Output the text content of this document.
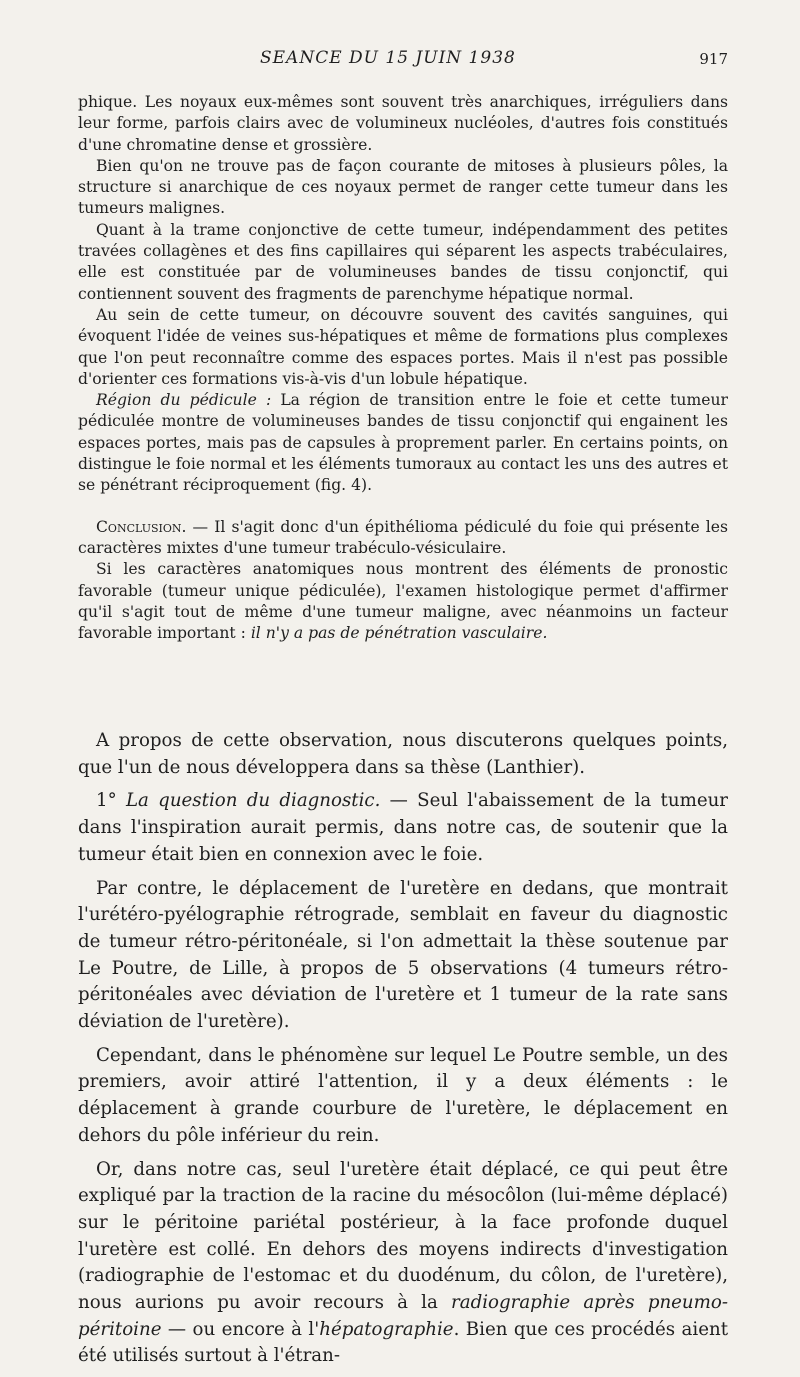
SEANCE DU 15 JUIN 1938	917

phique. Les noyaux eux-mêmes sont souvent très anarchiques, irréguliers dans leur forme, parfois clairs avec de volumineux nucléoles, d'autres fois constitués d'une chromatine dense et grossière.

Bien qu'on ne trouve pas de façon courante de mitoses à plusieurs pôles, la structure si anarchique de ces noyaux permet de ranger cette tumeur dans les tumeurs malignes.

Quant à la trame conjonctive de cette tumeur, indépendamment des petites travées collagènes et des fins capillaires qui séparent les aspects trabéculaires, elle est constituée par de volumineuses bandes de tissu conjonctif, qui contiennent souvent des fragments de parenchyme hépatique normal.

Au sein de cette tumeur, on découvre souvent des cavités sanguines, qui évoquent l'idée de veines sus-hépatiques et même de formations plus complexes que l'on peut reconnaître comme des espaces portes. Mais il n'est pas possible d'orienter ces formations vis-à-vis d'un lobule hépatique.

Région du pédicule : La région de transition entre le foie et cette tumeur pédiculée montre de volumineuses bandes de tissu conjonctif qui engainent les espaces portes, mais pas de capsules à proprement parler. En certains points, on distingue le foie normal et les éléments tumoraux au contact les uns des autres et se pénétrant réciproquement (fig. 4).

Conclusion. — Il s'agit donc d'un épithélioma pédiculé du foie qui présente les caractères mixtes d'une tumeur trabéculo-vésiculaire.

Si les caractères anatomiques nous montrent des éléments de pronostic favorable (tumeur unique pédiculée), l'examen histologique permet d'affirmer qu'il s'agit tout de même d'une tumeur maligne, avec néanmoins un facteur favorable important : il n'y a pas de pénétration vasculaire.

A propos de cette observation, nous discuterons quelques points, que l'un de nous développera dans sa thèse (Lanthier).

1° La question du diagnostic. — Seul l'abaissement de la tumeur dans l'inspiration aurait permis, dans notre cas, de soutenir que la tumeur était bien en connexion avec le foie.

Par contre, le déplacement de l'uretère en dedans, que montrait l'urétéro-pyélographie rétrograde, semblait en faveur du diagnostic de tumeur rétro-péritonéale, si l'on admettait la thèse soutenue par Le Poutre, de Lille, à propos de 5 observations (4 tumeurs rétro-péritonéales avec déviation de l'uretère et 1 tumeur de la rate sans déviation de l'uretère).

Cependant, dans le phénomène sur lequel Le Poutre semble, un des premiers, avoir attiré l'attention, il y a deux éléments : le déplacement à grande courbure de l'uretère, le déplacement en dehors du pôle inférieur du rein.

Or, dans notre cas, seul l'uretère était déplacé, ce qui peut être expliqué par la traction de la racine du mésocôlon (lui-même déplacé) sur le péritoine pariétal postérieur, à la face profonde duquel l'uretère est collé. En dehors des moyens indirects d'investigation (radiographie de l'estomac et du duodénum, du côlon, de l'uretère), nous aurions pu avoir recours à la radiographie après pneumo-péritoine — ou encore à l'hépatographie. Bien que ces procédés aient été utilisés surtout à l'étran-
